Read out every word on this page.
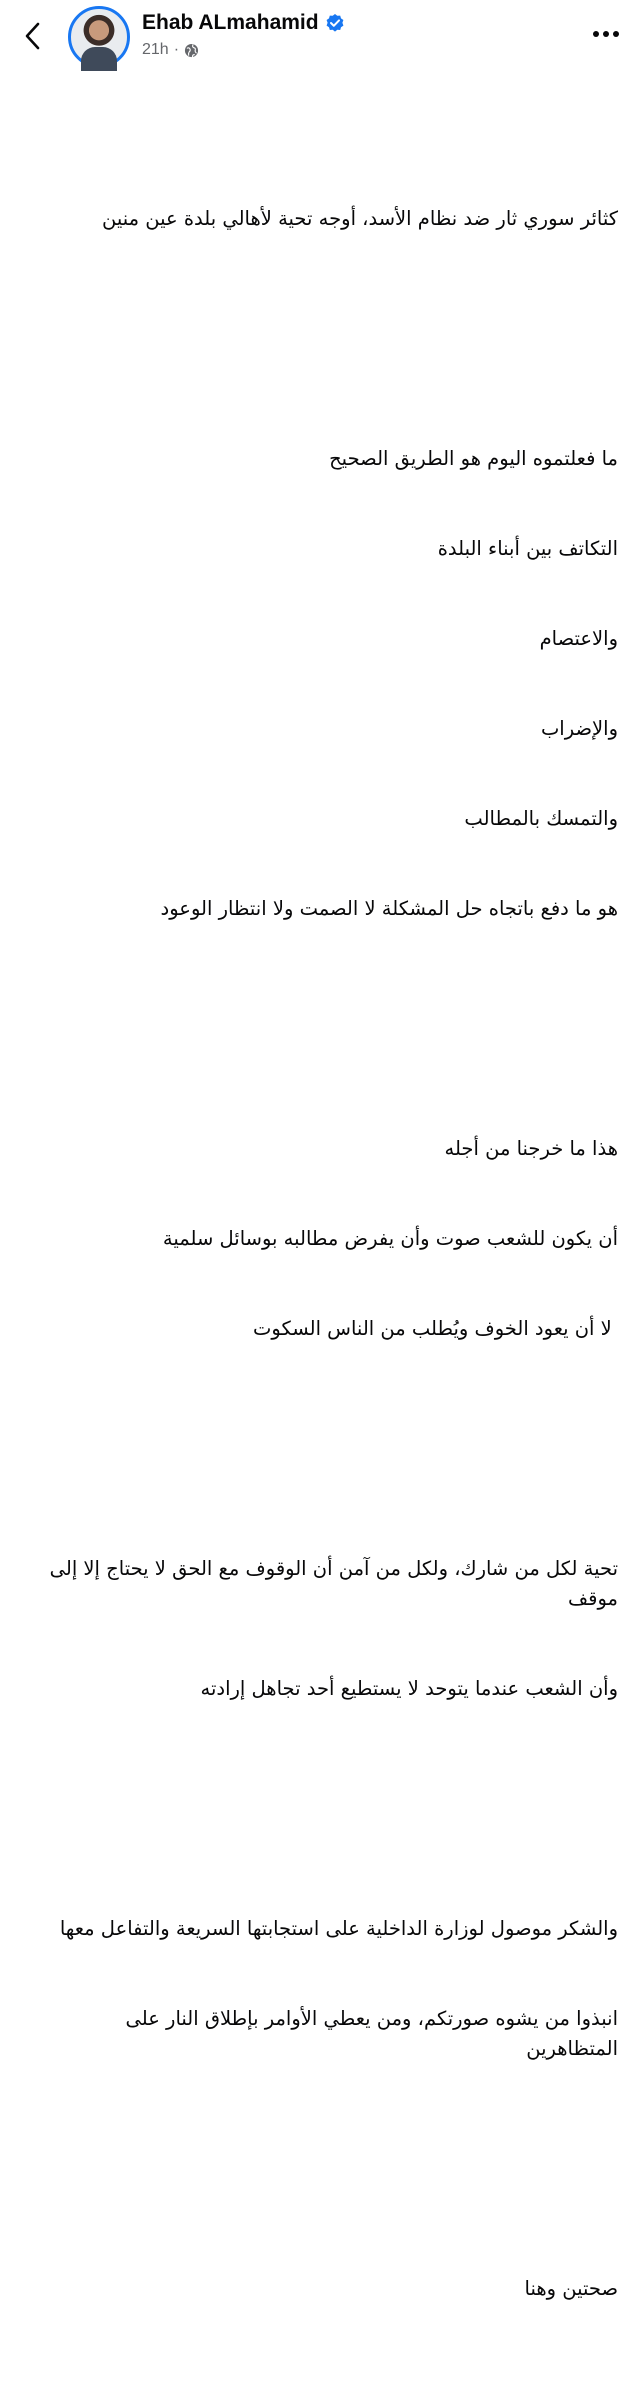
Ehab ALmahamid
21h ·

كثائر سوري ثار ضد نظام الأسد، أوجه تحية لأهالي بلدة عين منين

ما فعلتموه اليوم هو الطريق الصحيح

التكاتف بين أبناء البلدة

والاعتصام

والإضراب

والتمسك بالمطالب

هو ما دفع باتجاه حل المشكلة لا الصمت ولا انتظار الوعود

هذا ما خرجنا من أجله

أن يكون للشعب صوت وأن يفرض مطالبه بوسائل سلمية

لا أن يعود الخوف ويُطلب من الناس السكوت

تحية لكل من شارك، ولكل من آمن أن الوقوف مع الحق لا يحتاج إلا إلى موقف

وأن الشعب عندما يتوحد لا يستطيع أحد تجاهل إرادته

والشكر موصول لوزارة الداخلية على استجابتها السريعة والتفاعل معها

انبذوا من يشوه صورتكم، ومن يعطي الأوامر بإطلاق النار على المتظاهرين

صحتين وهنا
